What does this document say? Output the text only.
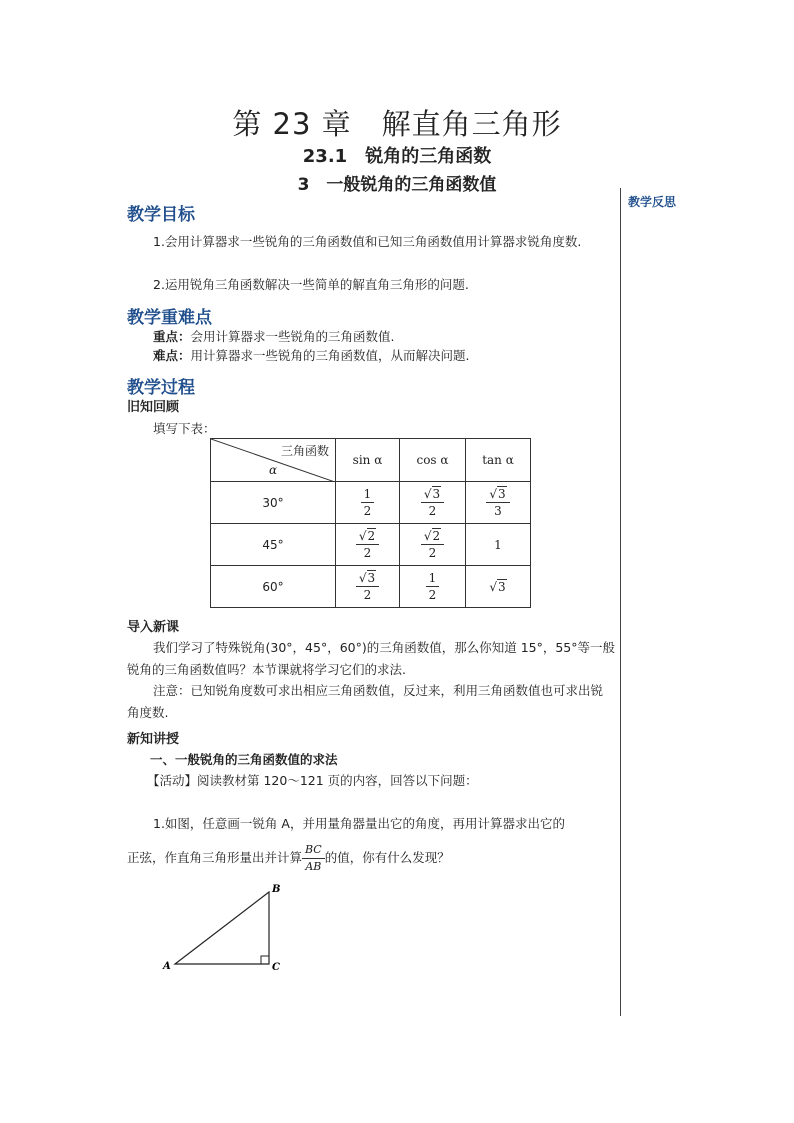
第 23 章　解直角三角形
23.1　锐角的三角函数
3　一般锐角的三角函数值
教学反思
教学目标
1.会用计算器求一些锐角的三角函数值和已知三角函数值用计算器求锐角度数.
2.运用锐角三角函数解决一些简单的解直角三角形的问题.
教学重难点
重点：会用计算器求一些锐角的三角函数值.
难点：用计算器求一些锐角的三角函数值，从而解决问题.
教学过程
旧知回顾
填写下表：
三角函数
α	sin α	cos α	tan α
30°	$\frac{1}{2}$	$\frac{√3}{2}$	$\frac{√3}{3}$

45°	$\frac{√2}{2}$	$\frac{√2}{2}$	1
60°	$\frac{√3}{2}$	$\frac{1}{2}$	√3
导入新课
我们学习了特殊锐角(30°，45°，60°)的三角函数值，那么你知道 15°，55°等一般锐角的三角函数值吗？本节课就将学习它们的求法.
注意：已知锐角度数可求出相应三角函数值，反过来，利用三角函数值也可求出锐角度数.
新知讲授
一、一般锐角的三角函数值的求法
【活动】阅读教材第 120～121 页的内容，回答以下问题：
1.如图，任意画一锐角 A，并用量角器量出它的角度，再用计算器求出它的
正弦，作直角三角形量出并计算 $\frac{BC}{AB}$ 的值，你有什么发现？
A
B
C
